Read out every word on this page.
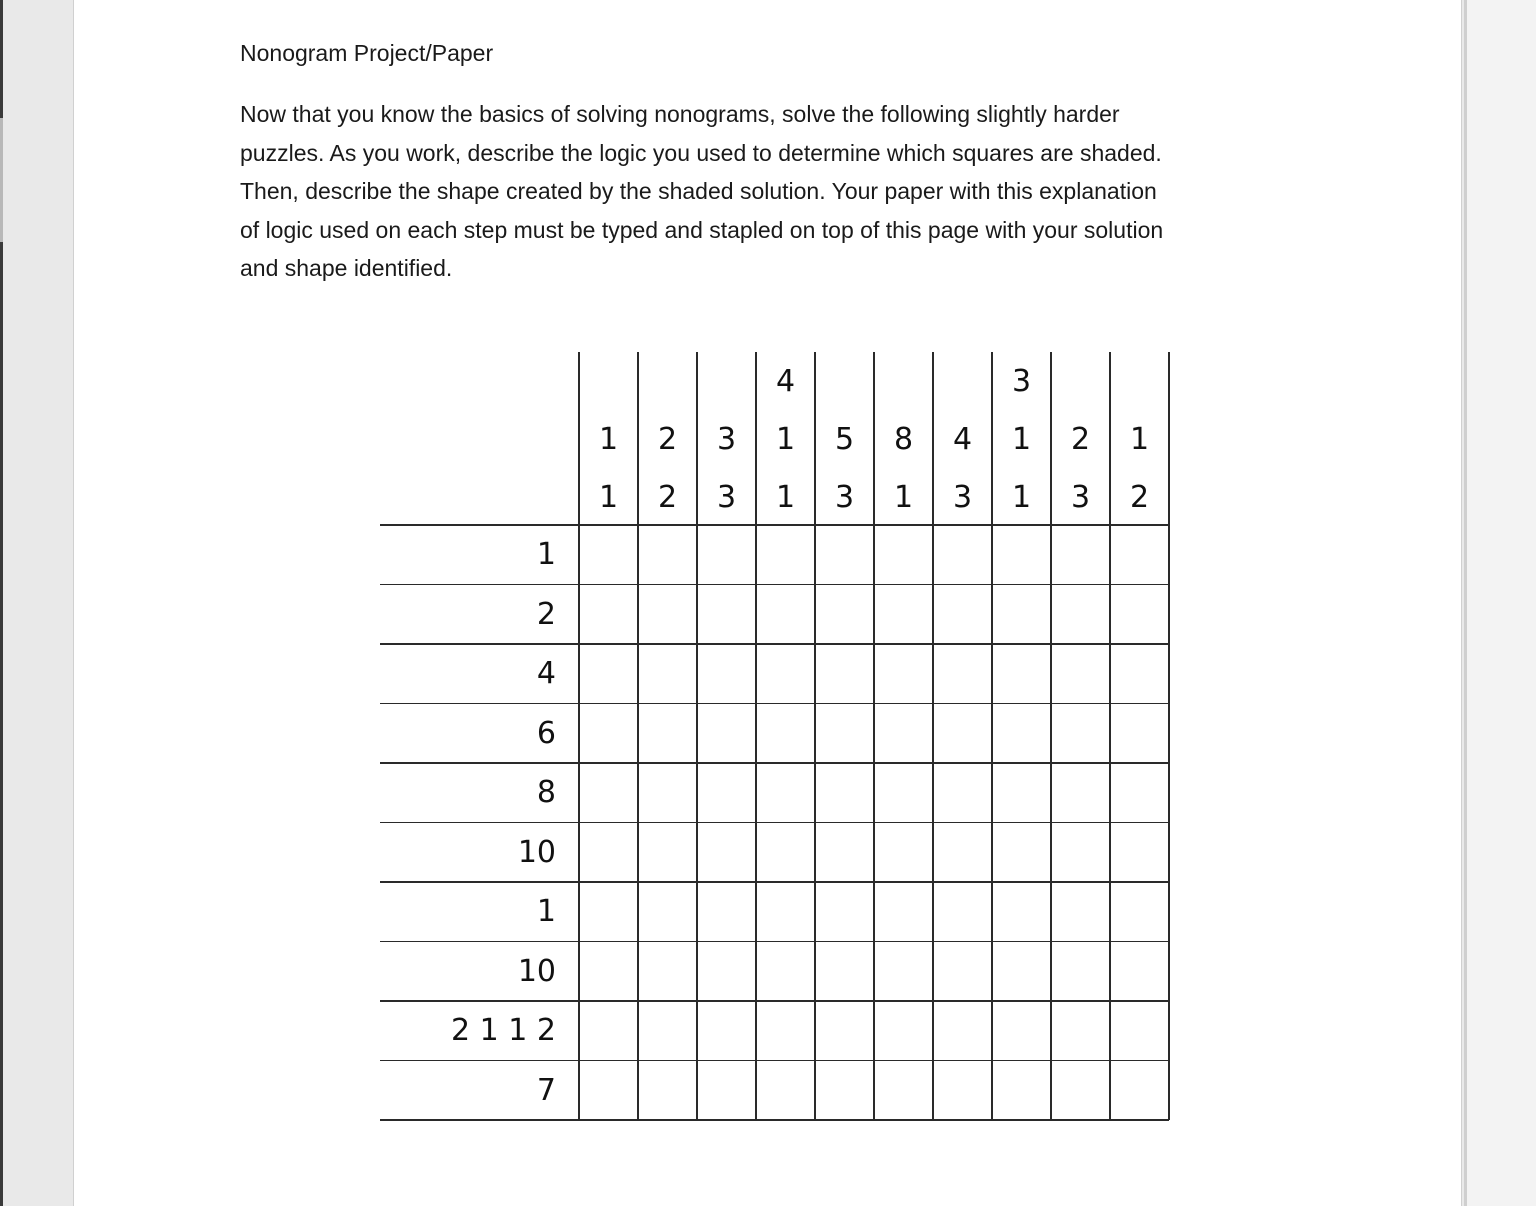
Nonogram Project/Paper
Now that you know the basics of solving nonograms, solve the following slightly harder
puzzles. As you work, describe the logic you used to determine which squares are shaded.
Then, describe the shape created by the shaded solution. Your paper with this explanation
of logic used on each step must be typed and stapled on top of this page with your solution
and shape identified.
1
1
2
2
3
3
4
1
1
5
3
8
1
4
3
3
1
1
2
3
1
2
1
2
4
6
8
10
1
10
2 1 1 2
7
